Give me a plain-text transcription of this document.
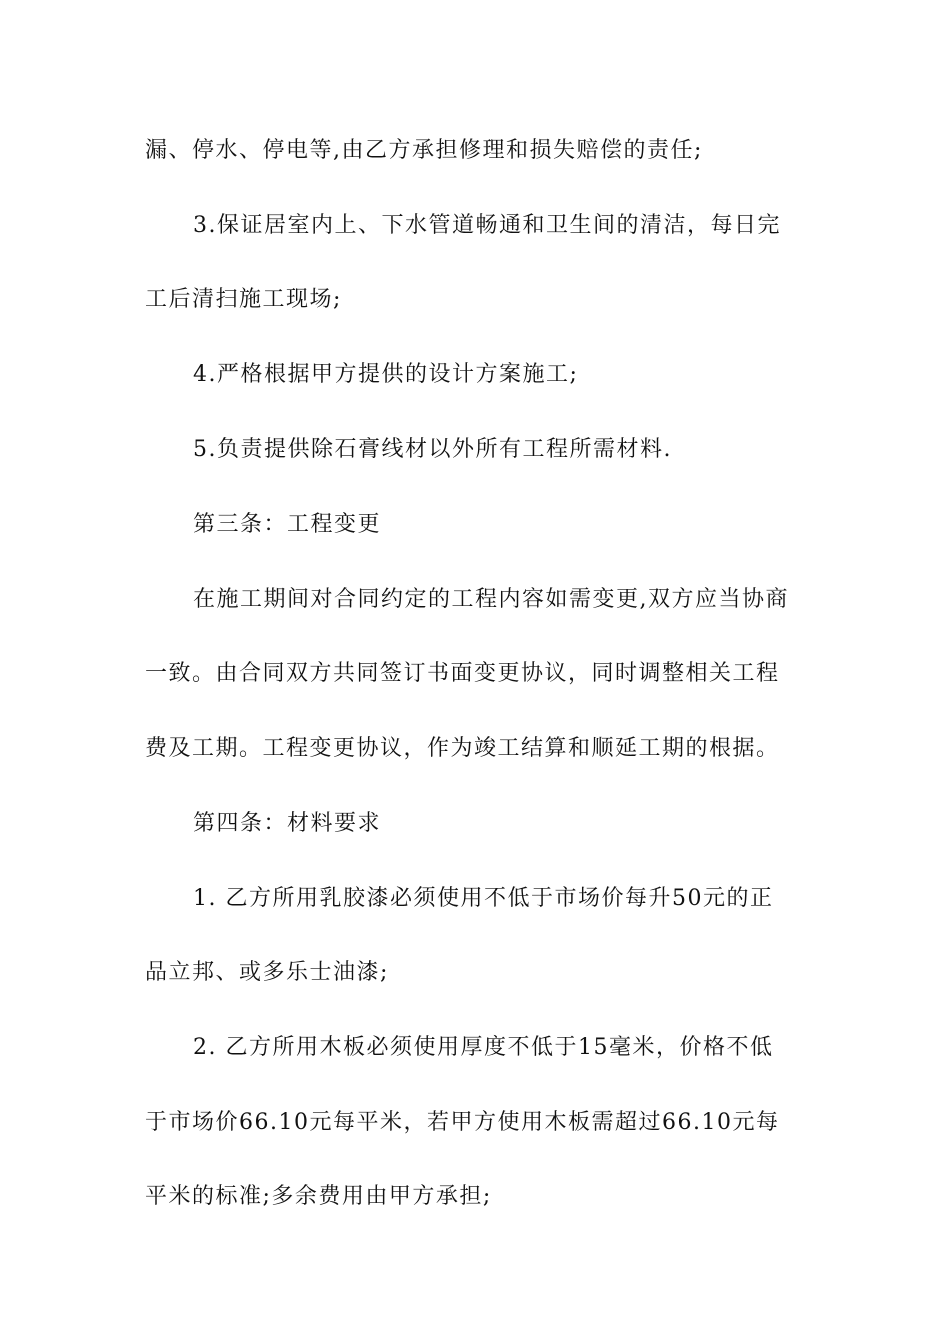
漏、停水、停电等,由乙方承担修理和损失赔偿的责任;
3.保证居室内上、下水管道畅通和卫生间的清洁，每日完
工后清扫施工现场;
4.严格根据甲方提供的设计方案施工;
5.负责提供除石膏线材以外所有工程所需材料.
第三条：工程变更
在施工期间对合同约定的工程内容如需变更,双方应当协商
一致。由合同双方共同签订书面变更协议，同时调整相关工程
费及工期。工程变更协议，作为竣工结算和顺延工期的根据。
第四条：材料要求
1. 乙方所用乳胶漆必须使用不低于市场价每升50元的正
品立邦、或多乐士油漆;
2. 乙方所用木板必须使用厚度不低于15毫米，价格不低
于市场价66.10元每平米，若甲方使用木板需超过66.10元每
平米的标准;多余费用由甲方承担;
